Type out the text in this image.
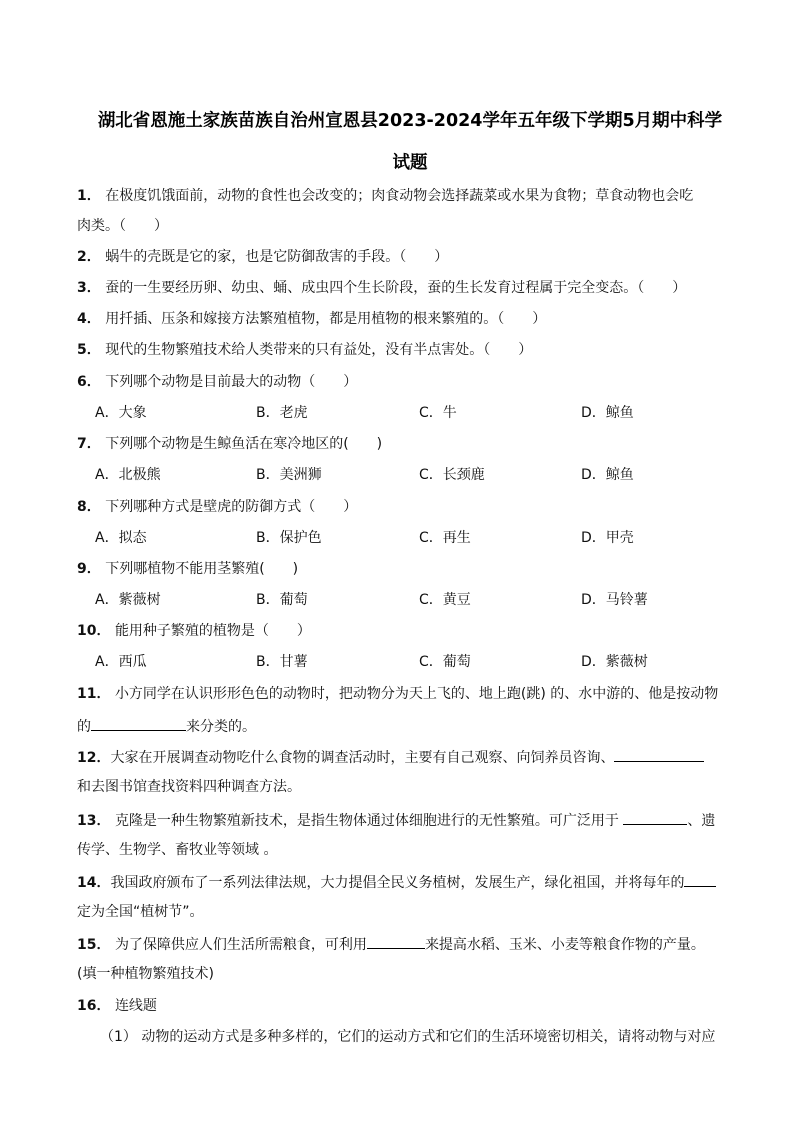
湖北省恩施土家族苗族自治州宣恩县2023-2024学年五年级下学期5月期中科学
试题
1． 在极度饥饿面前，动物的食性也会改变的；肉食动物会选择蔬菜或水果为食物；草食动物也会吃
肉类。（　　）
2． 蜗牛的壳既是它的家，也是它防御敌害的手段。（　　）
3． 蚕的一生要经历卵、幼虫、蛹、成虫四个生长阶段，蚕的生长发育过程属于完全变态。（　　）
4． 用扦插、压条和嫁接方法繁殖植物，都是用植物的根来繁殖的。（　　）
5． 现代的生物繁殖技术给人类带来的只有益处，没有半点害处。（　　）
6． 下列哪个动物是目前最大的动物（　　）
A．大象	B．老虎	C．牛	D．鲸鱼
7． 下列哪个动物是生鲸鱼活在寒冷地区的(　　)
A．北极熊	B．美洲狮	C．长颈鹿	D．鲸鱼
8． 下列哪种方式是壁虎的防御方式（　　）
A．拟态	B．保护色	C．再生	D．甲壳
9． 下列哪植物不能用茎繁殖(　　)
A．紫薇树	B．葡萄	C．黄豆	D．马铃薯
10． 能用种子繁殖的植物是（　　）
A．西瓜	B．甘薯	C．葡萄	D．紫薇树
11． 小方同学在认识形形色色的动物时，把动物分为天上飞的、地上跑(跳) 的、水中游的、他是按动物
的	来分类的。
12．大家在开展调查动物吃什么食物的调查活动时，主要有自己观察、向饲养员咨询、
和去图书馆查找资料四种调查方法。
13． 克隆是一种生物繁殖新技术，是指生物体通过体细胞进行的无性繁殖。可广泛用于	、遗
传学、生物学、畜牧业等领域 。
14．我国政府颁布了一系列法律法规，大力提倡全民义务植树，发展生产，绿化祖国，并将每年的
定为全国“植树节”。
15． 为了保障供应人们生活所需粮食，可利用	来提高水稻、玉米、小麦等粮食作物的产量。
(填一种植物繁殖技术)
16． 连线题
（1） 动物的运动方式是多种多样的，它们的运动方式和它们的生活环境密切相关，请将动物与对应
